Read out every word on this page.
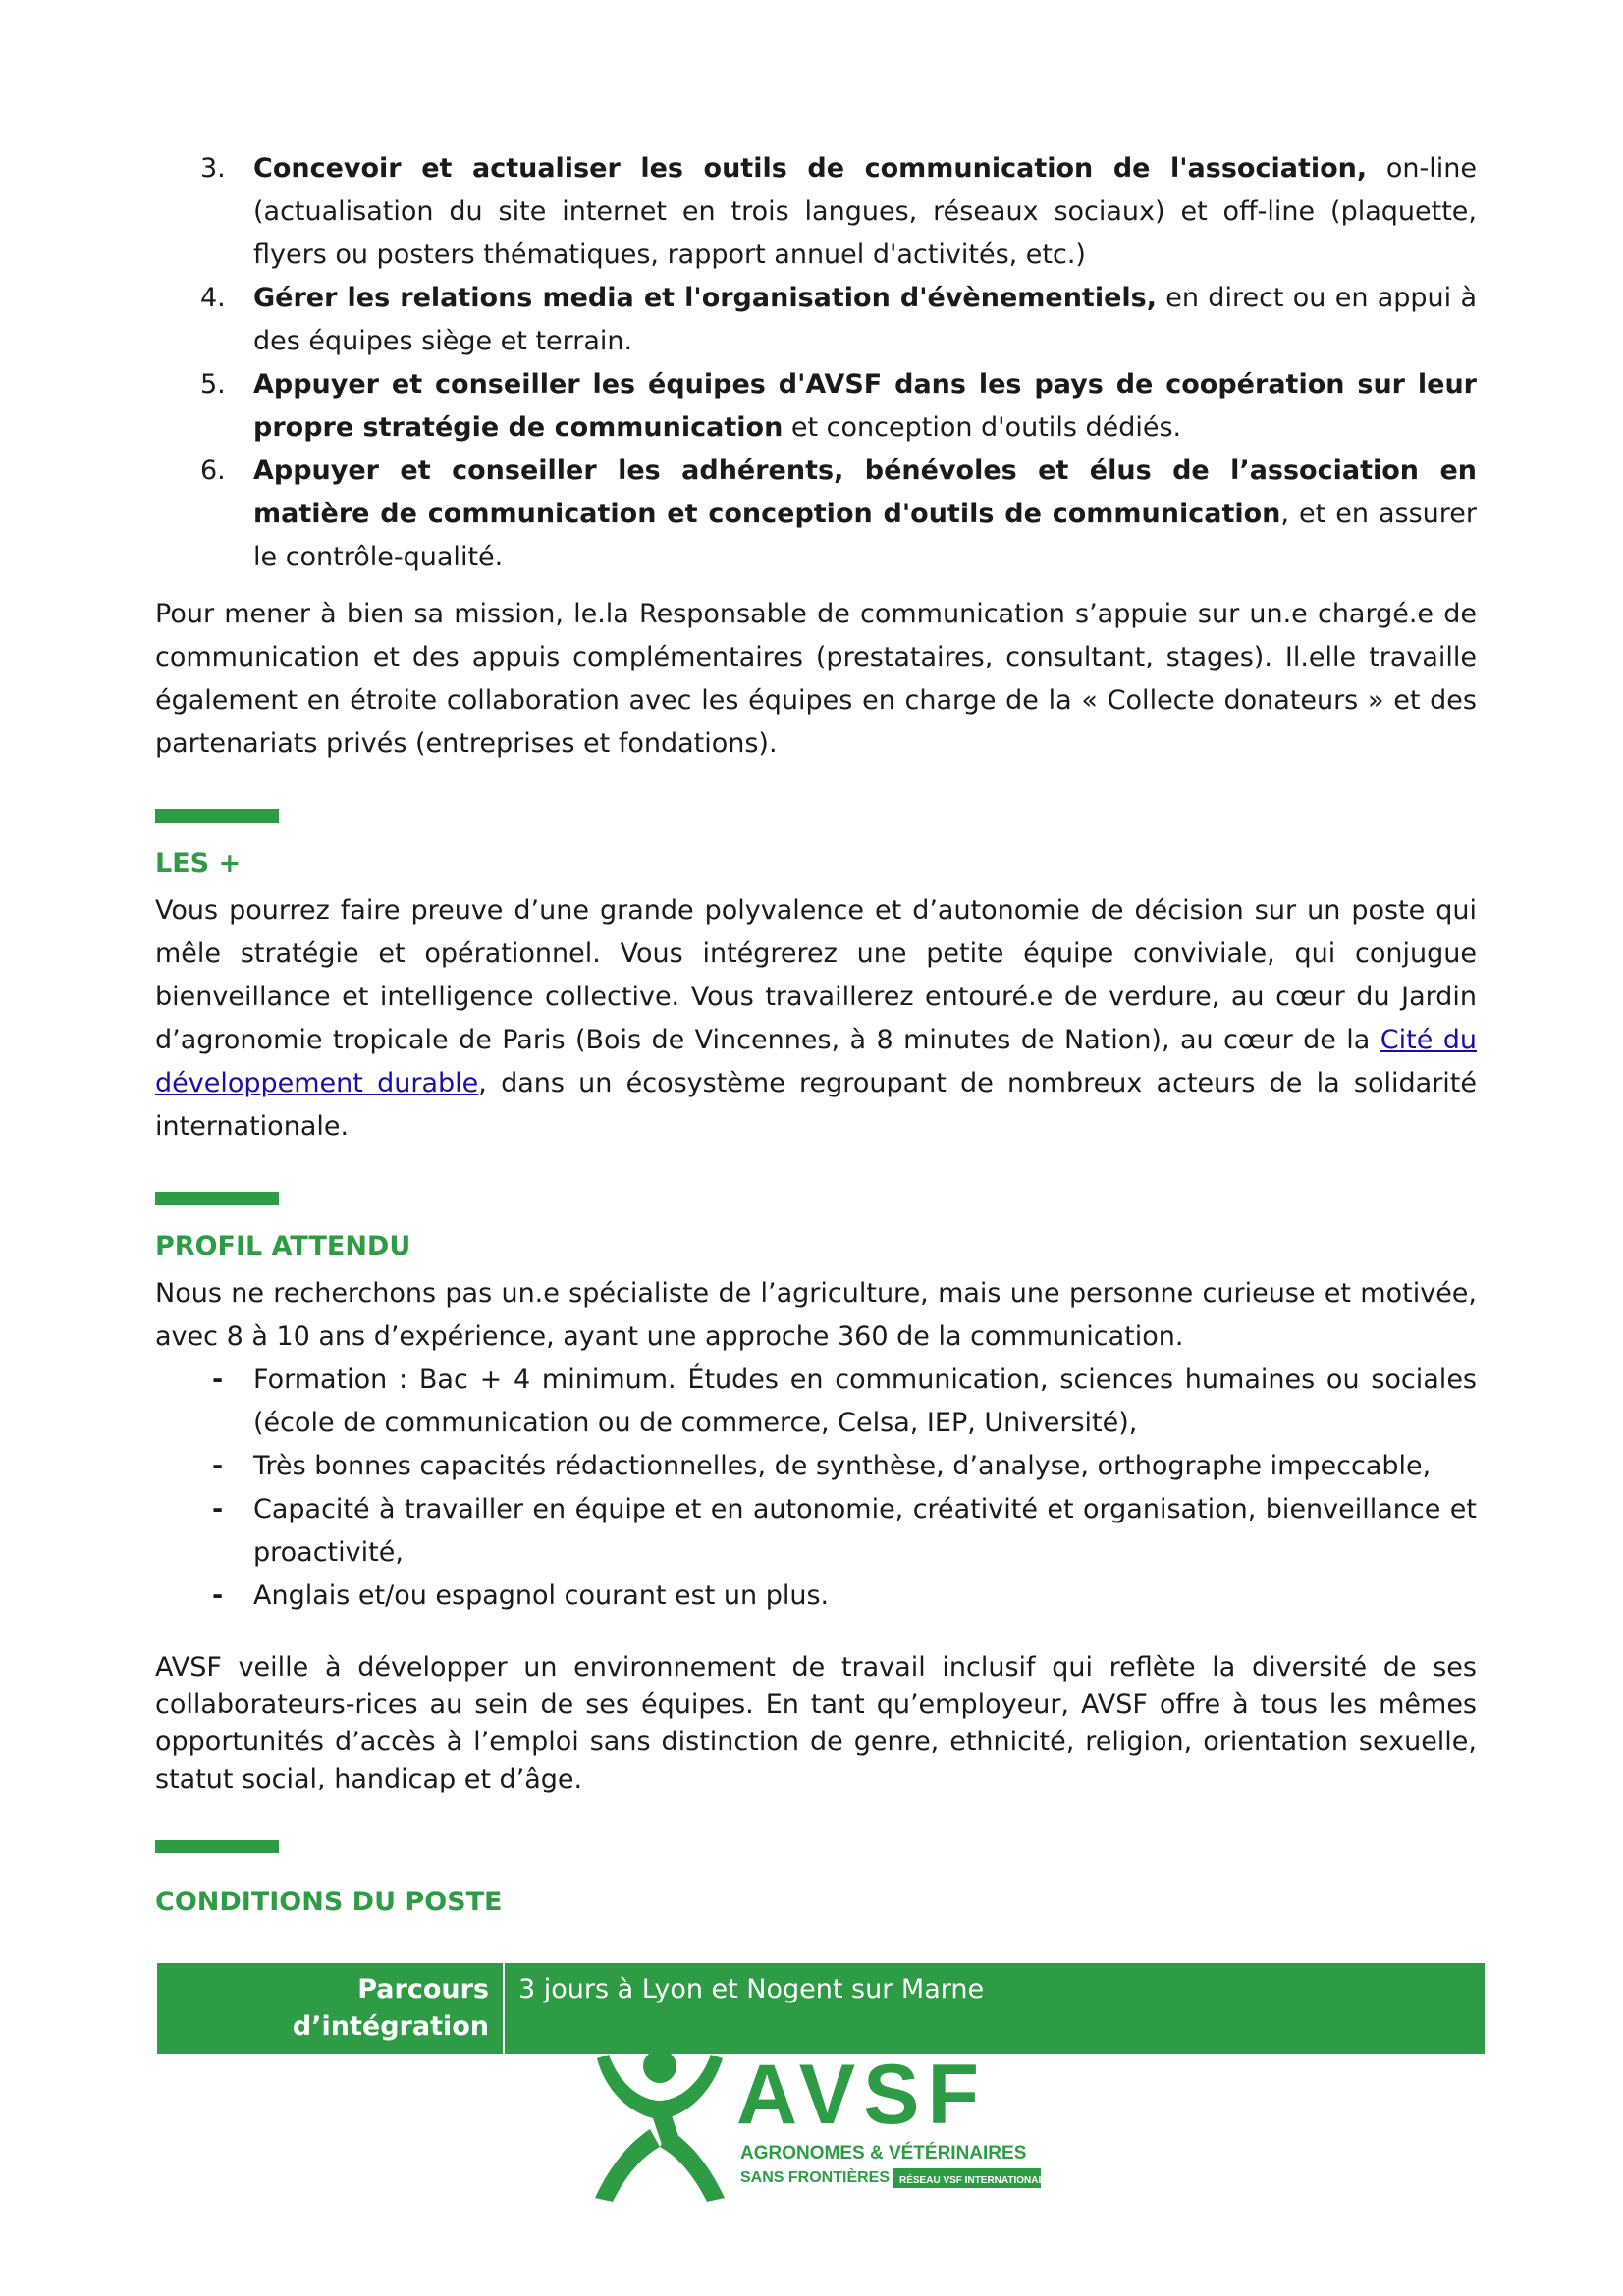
3. Concevoir et actualiser les outils de communication de l'association, on-line (actualisation du site internet en trois langues, réseaux sociaux) et off-line (plaquette, flyers ou posters thématiques, rapport annuel d'activités, etc.)
4. Gérer les relations media et l'organisation d'évènementiels, en direct ou en appui à des équipes siège et terrain.
5. Appuyer et conseiller les équipes d'AVSF dans les pays de coopération sur leur propre stratégie de communication et conception d'outils dédiés.
6. Appuyer et conseiller les adhérents, bénévoles et élus de l’association en matière de communication et conception d'outils de communication, et en assurer le contrôle-qualité.

Pour mener à bien sa mission, le.la Responsable de communication s’appuie sur un.e chargé.e de communication et des appuis complémentaires (prestataires, consultant, stages). Il.elle travaille également en étroite collaboration avec les équipes en charge de la « Collecte donateurs » et des partenariats privés (entreprises et fondations).

LES +

Vous pourrez faire preuve d’une grande polyvalence et d’autonomie de décision sur un poste qui mêle stratégie et opérationnel. Vous intégrerez une petite équipe conviviale, qui conjugue bienveillance et intelligence collective. Vous travaillerez entouré.e de verdure, au cœur du Jardin d’agronomie tropicale de Paris (Bois de Vincennes, à 8 minutes de Nation), au cœur de la Cité du développement durable, dans un écosystème regroupant de nombreux acteurs de la solidarité internationale.

PROFIL ATTENDU

Nous ne recherchons pas un.e spécialiste de l’agriculture, mais une personne curieuse et motivée, avec 8 à 10 ans d’expérience, ayant une approche 360 de la communication.

- Formation : Bac + 4 minimum. Études en communication, sciences humaines ou sociales (école de communication ou de commerce, Celsa, IEP, Université),
- Très bonnes capacités rédactionnelles, de synthèse, d’analyse, orthographe impeccable,
- Capacité à travailler en équipe et en autonomie, créativité et organisation, bienveillance et proactivité,
- Anglais et/ou espagnol courant est un plus.

AVSF veille à développer un environnement de travail inclusif qui reflète la diversité de ses collaborateurs-rices au sein de ses équipes. En tant qu’employeur, AVSF offre à tous les mêmes opportunités d’accès à l’emploi sans distinction de genre, ethnicité, religion, orientation sexuelle, statut social, handicap et d’âge.

CONDITIONS DU POSTE
Parcours d’intégration	3 jours à Lyon et Nogent sur Marne
AVSF
AGRONOMES & VÉTÉRINAIRES
SANS FRONTIÈRES RÉSEAU VSF INTERNATIONAL
